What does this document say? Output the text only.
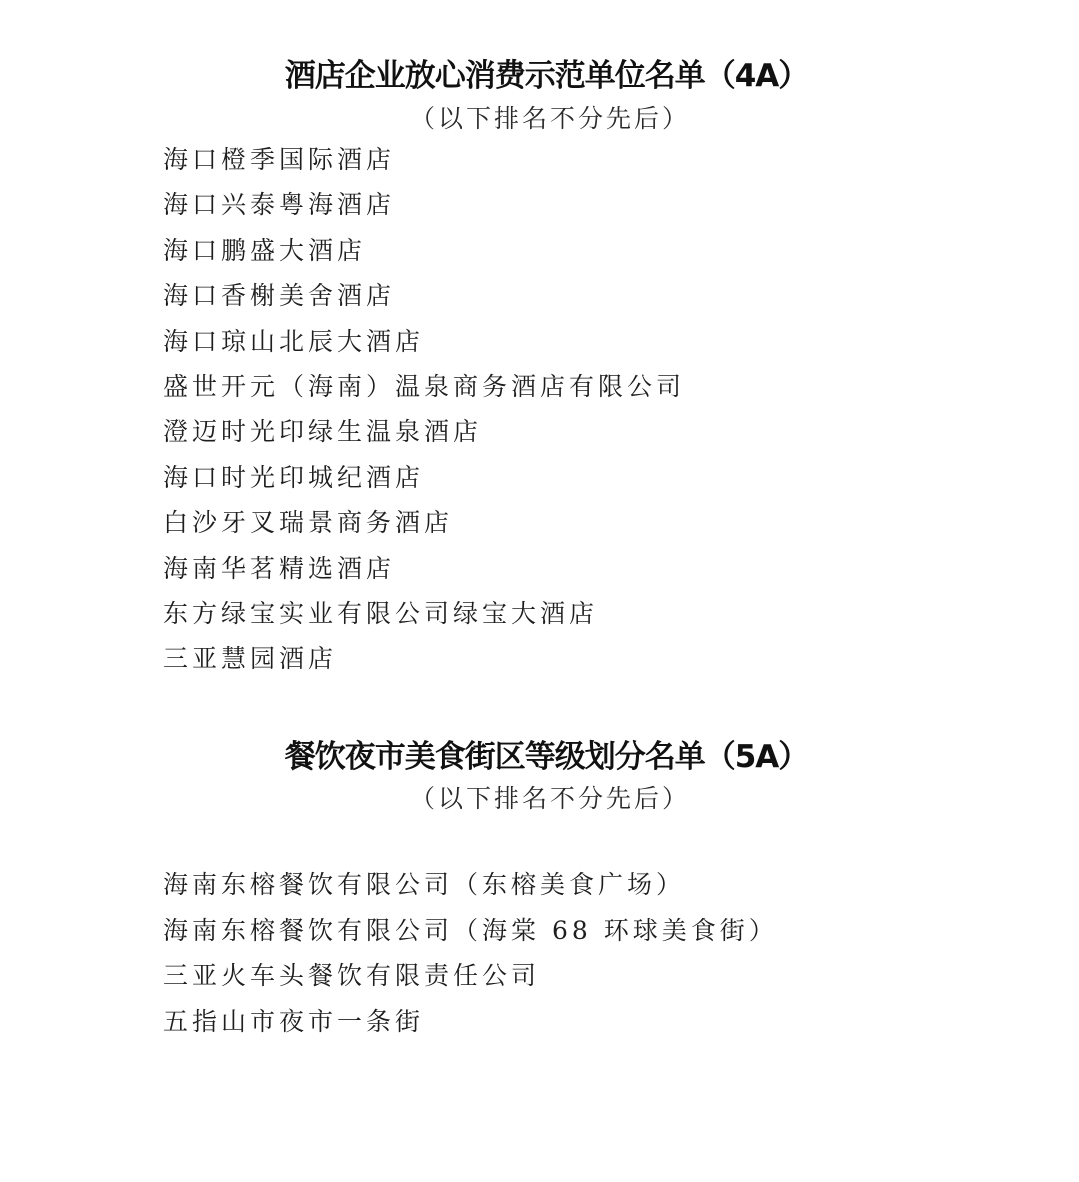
酒店企业放心消费示范单位名单（4A）
（以下排名不分先后）
海口橙季国际酒店
海口兴泰粤海酒店
海口鹏盛大酒店
海口香榭美舍酒店
海口琼山北辰大酒店
盛世开元（海南）温泉商务酒店有限公司
澄迈时光印绿生温泉酒店
海口时光印城纪酒店
白沙牙叉瑞景商务酒店
海南华茗精选酒店
东方绿宝实业有限公司绿宝大酒店
三亚慧园酒店
餐饮夜市美食街区等级划分名单（5A）
（以下排名不分先后）
海南东榕餐饮有限公司（东榕美食广场）
海南东榕餐饮有限公司（海棠 68 环球美食街）
三亚火车头餐饮有限责任公司
五指山市夜市一条街
